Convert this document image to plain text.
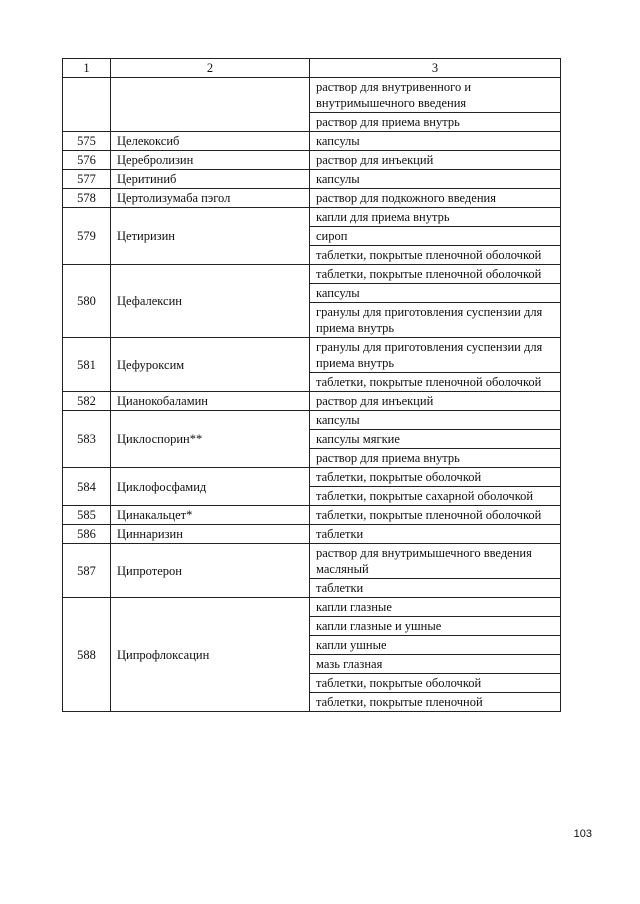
1	2	3
		раствор для внутривенного и внутримышечного введения
		раствор для приема внутрь
575	Целекоксиб	капсулы
576	Церебролизин	раствор для инъекций
577	Церитиниб	капсулы
578	Цертолизумаба пэгол	раствор для подкожного введения
579	Цетиризин	капли для приема внутрь
		сироп
		таблетки, покрытые пленочной оболочкой
580	Цефалексин	таблетки, покрытые пленочной оболочкой
		капсулы
		гранулы для приготовления суспензии для приема внутрь
581	Цефуроксим	гранулы для приготовления суспензии для приема внутрь
		таблетки, покрытые пленочной оболочкой
582	Цианокобаламин	раствор для инъекций
583	Циклоспорин**	капсулы
		капсулы мягкие
		раствор для приема внутрь
584	Циклофосфамид	таблетки, покрытые оболочкой
		таблетки, покрытые сахарной оболочкой
585	Цинакальцет*	таблетки, покрытые пленочной оболочкой
586	Циннаризин	таблетки
587	Ципротерон	раствор для внутримышечного введения масляный
		таблетки
588	Ципрофлоксацин	капли глазные
		капли глазные и ушные
		капли ушные
		мазь глазная
		таблетки, покрытые оболочкой
		таблетки, покрытые пленочной
103
